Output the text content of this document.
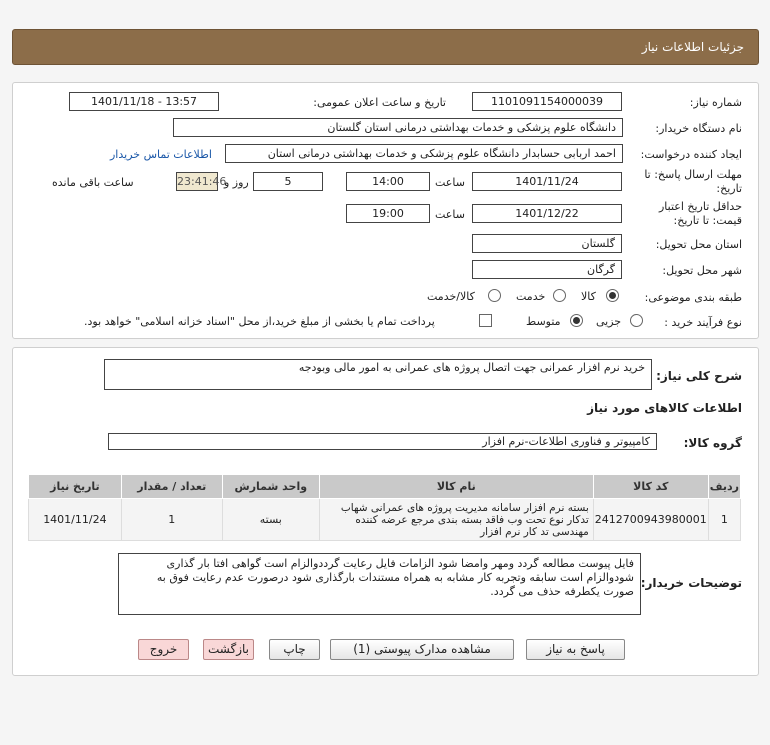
جزئیات اطلاعات نیاز
شماره نیاز:
1101091154000039
تاریخ و ساعت اعلان عمومی:
1401/11/18 - 13:57
نام دستگاه خریدار:
دانشگاه علوم پزشکی و خدمات بهداشتی درمانی استان گلستان
ایجاد کننده درخواست:
احمد اربابی حسابدار دانشگاه علوم پزشکی و خدمات بهداشتی درمانی استان
اطلاعات تماس خریدار
مهلت ارسال پاسخ: تا
تاریخ:
1401/11/24
ساعت
14:00
5
روز و
23:41:46
ساعت باقی مانده
حداقل تاریخ اعتبار
قیمت: تا تاریخ:
1401/12/22
ساعت
19:00
استان محل تحویل:
گلستان
شهر محل تحویل:
گرگان
طبقه بندی موضوعی:
کالا
خدمت
کالا/خدمت
نوع فرآیند خرید :
جزیی
متوسط
پرداخت تمام یا بخشی از مبلغ خرید،از محل "اسناد خزانه اسلامی" خواهد بود.
شرح کلی نیاز:
خرید نرم افزار عمرانی جهت اتصال پروژه های عمرانی به امور مالی وبودجه
اطلاعات کالاهای مورد نیاز
گروه کالا:
کامپیوتر و فناوری اطلاعات-نرم افزار
ردیف	کد کالا	نام کالا	واحد شمارش	تعداد / مقدار	تاریخ نیاز
1	2412700943980001	بسته نرم افزار سامانه مدیریت پروژه های عمرانی شهاب تدکار نوع تحت وب فاقد بسته بندی مرجع عرضه کننده مهندسی تد کار نرم افزار	بسته	1	1401/11/24
توضیحات خریدار:
فایل پیوست مطالعه گردد ومهر وامضا شود الزامات فایل رعایت گرددوالزام است گواهی افتا بار گذاری شودوالزام است سابقه وتجربه کار مشابه به همراه مستندات بارگذاری شود درصورت عدم رعایت فوق به صورت یکطرفه حذف می گردد.
پاسخ به نیاز
مشاهده مدارک پیوستی (1)
چاپ
بازگشت
خروج
